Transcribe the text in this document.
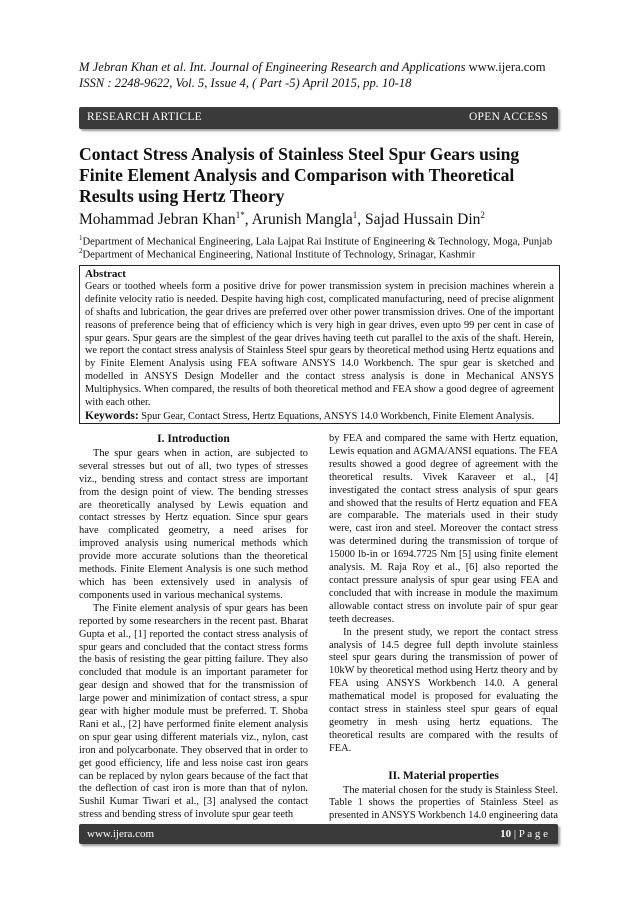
M Jebran Khan et al. Int. Journal of Engineering Research and Applications www.ijera.com
ISSN : 2248-9622, Vol. 5, Issue 4, ( Part -5) April 2015, pp. 10-18
RESEARCH ARTICLE	OPEN ACCESS
Contact Stress Analysis of Stainless Steel Spur Gears using Finite Element Analysis and Comparison with Theoretical Results using Hertz Theory
Mohammad Jebran Khan$^{1*}$, Arunish Mangla$^1$, Sajad Hussain Din$^2$
$^1$Department of Mechanical Engineering, Lala Lajpat Rai Institute of Engineering & Technology, Moga, Punjab
$^2$Department of Mechanical Engineering, National Institute of Technology, Srinagar, Kashmir
Abstract
Gears or toothed wheels form a positive drive for power transmission system in precision machines wherein a definite velocity ratio is needed. Despite having high cost, complicated manufacturing, need of precise alignment of shafts and lubrication, the gear drives are preferred over other power transmission drives. One of the important reasons of preference being that of efficiency which is very high in gear drives, even upto 99 per cent in case of spur gears. Spur gears are the simplest of the gear drives having teeth cut parallel to the axis of the shaft. Herein, we report the contact stress analysis of Stainless Steel spur gears by theoretical method using Hertz equations and by Finite Element Analysis using FEA software ANSYS 14.0 Workbench. The spur gear is sketched and modelled in ANSYS Design Modeller and the contact stress analysis is done in Mechanical ANSYS Multiphysics. When compared, the results of both theoretical method and FEA show a good degree of agreement with each other.
Keywords: Spur Gear, Contact Stress, Hertz Equations, ANSYS 14.0 Workbench, Finite Element Analysis.
I. Introduction

The spur gears when in action, are subjected to several stresses but out of all, two types of stresses viz., bending stress and contact stress are important from the design point of view. The bending stresses are theoretically analysed by Lewis equation and contact stresses by Hertz equation. Since spur gears have complicated geometry, a need arises for improved analysis using numerical methods which provide more accurate solutions than the theoretical methods. Finite Element Analysis is one such method which has been extensively used in analysis of components used in various mechanical systems.

The Finite element analysis of spur gears has been reported by some researchers in the recent past. Bharat Gupta et al., [1] reported the contact stress analysis of spur gears and concluded that the contact stress forms the basis of resisting the gear pitting failure. They also concluded that module is an important parameter for gear design and showed that for the transmission of large power and minimization of contact stress, a spur gear with higher module must be preferred. T. Shoba Rani et al., [2] have performed finite element analysis on spur gear using different materials viz., nylon, cast iron and polycarbonate. They observed that in order to get good efficiency, life and less noise cast iron gears can be replaced by nylon gears because of the fact that the deflection of cast iron is more than that of nylon. Sushil Kumar Tiwari et al., [3] analysed the contact stress and bending stress of involute spur gear teeth

by FEA and compared the same with Hertz equation, Lewis equation and AGMA/ANSI equations. The FEA results showed a good degree of agreement with the theoretical results. Vivek Karaveer et al., [4] investigated the contact stress analysis of spur gears and showed that the results of Hertz equation and FEA are comparable. The materials used in their study were, cast iron and steel. Moreover the contact stress was determined during the transmission of torque of 15000 lb-in or 1694.7725 Nm [5] using finite element analysis. M. Raja Roy et al., [6] also reported the contact pressure analysis of spur gear using FEA and concluded that with increase in module the maximum allowable contact stress on involute pair of spur gear teeth decreases.

In the present study, we report the contact stress analysis of 14.5 degree full depth involute stainless steel spur gears during the transmission of power of 10kW by theoretical method using Hertz theory and by FEA using ANSYS Workbench 14.0. A general mathematical model is proposed for evaluating the contact stress in stainless steel spur gears of equal geometry in mesh using hertz equations. The theoretical results are compared with the results of FEA.

II. Material properties

The material chosen for the study is Stainless Steel. Table 1 shows the properties of Stainless Steel as presented in ANSYS Workbench 14.0 engineering data

www.ijera.com	10 | P a g e
